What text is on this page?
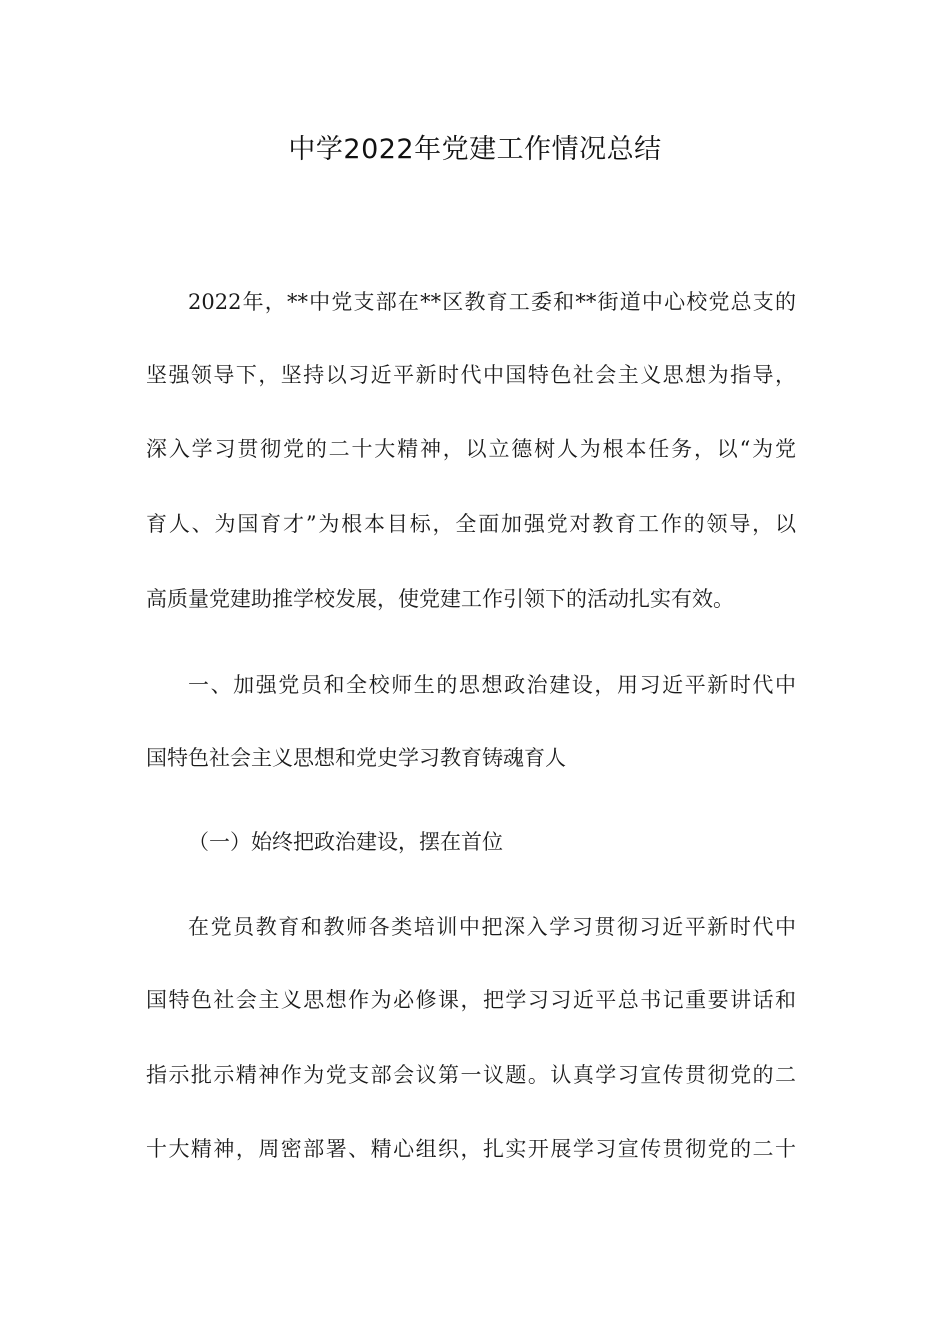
中学2022年党建工作情况总结
2022年，**中党支部在**区教育工委和**街道中心校党总支的
坚强领导下，坚持以习近平新时代中国特色社会主义思想为指导，
深入学习贯彻党的二十大精神，以立德树人为根本任务，以“为党
育人、为国育才”为根本目标，全面加强党对教育工作的领导，以
高质量党建助推学校发展，使党建工作引领下的活动扎实有效。
一、加强党员和全校师生的思想政治建设，用习近平新时代中
国特色社会主义思想和党史学习教育铸魂育人
（一）始终把政治建设，摆在首位
在党员教育和教师各类培训中把深入学习贯彻习近平新时代中
国特色社会主义思想作为必修课，把学习习近平总书记重要讲话和
指示批示精神作为党支部会议第一议题。认真学习宣传贯彻党的二
十大精神，周密部署、精心组织，扎实开展学习宣传贯彻党的二十
